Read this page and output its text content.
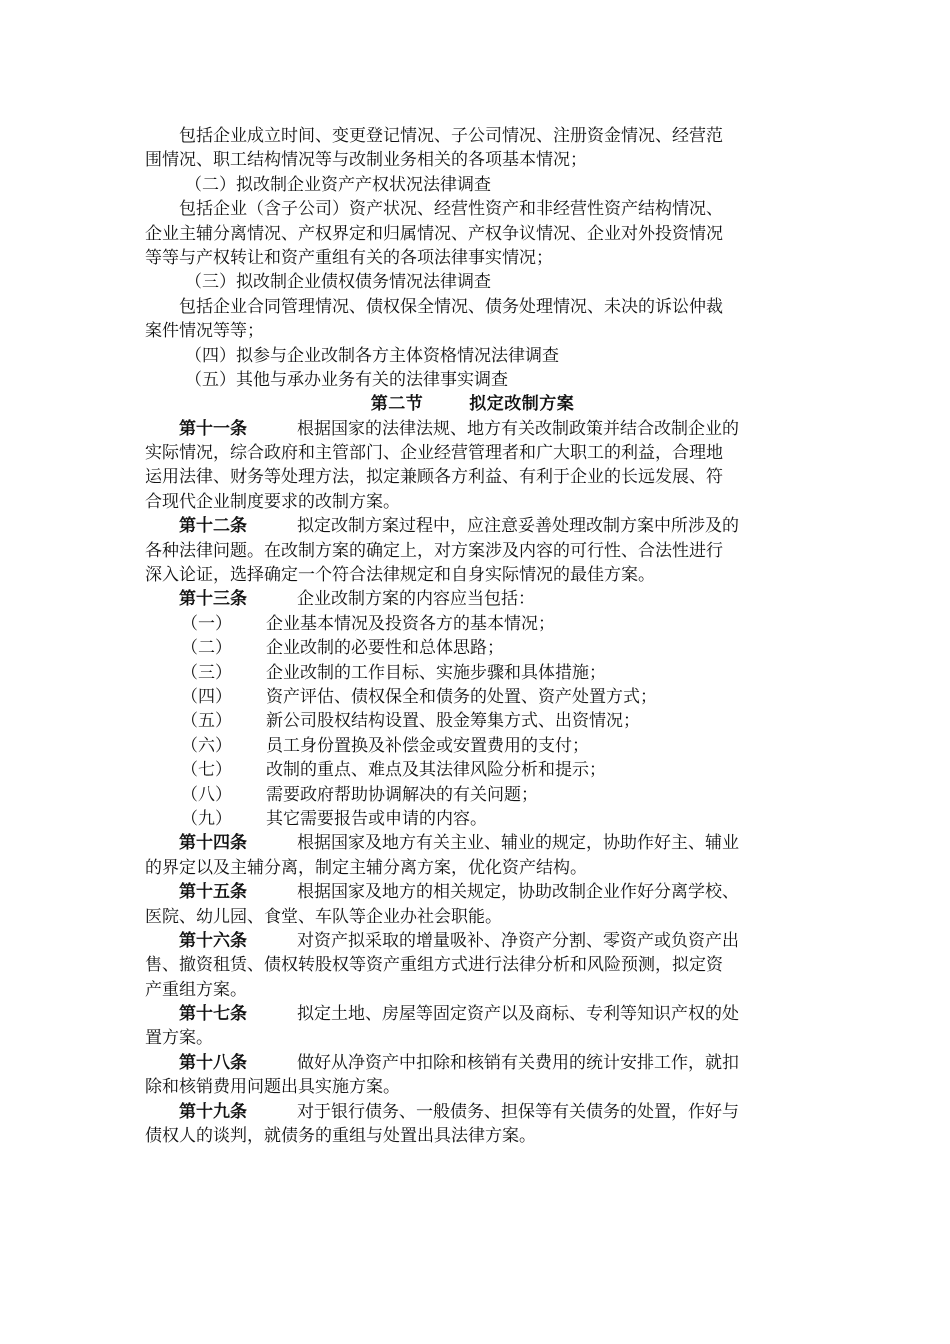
包括企业成立时间、变更登记情况、子公司情况、注册资金情况、经营范
围情况、职工结构情况等与改制业务相关的各项基本情况；
（二）拟改制企业资产产权状况法律调查
包括企业（含子公司）资产状况、经营性资产和非经营性资产结构情况、
企业主辅分离情况、产权界定和归属情况、产权争议情况、企业对外投资情况
等等与产权转让和资产重组有关的各项法律事实情况；
（三）拟改制企业债权债务情况法律调查
包括企业合同管理情况、债权保全情况、债务处理情况、未决的诉讼仲裁
案件情况等等；
（四）拟参与企业改制各方主体资格情况法律调查
（五）其他与承办业务有关的法律事实调查
第二节	拟定改制方案
第十一条	根据国家的法律法规、地方有关改制政策并结合改制企业的
实际情况，综合政府和主管部门、企业经营管理者和广大职工的利益，合理地
运用法律、财务等处理方法，拟定兼顾各方利益、有利于企业的长远发展、符
合现代企业制度要求的改制方案。
第十二条	拟定改制方案过程中，应注意妥善处理改制方案中所涉及的
各种法律问题。在改制方案的确定上，对方案涉及内容的可行性、合法性进行
深入论证，选择确定一个符合法律规定和自身实际情况的最佳方案。
第十三条	企业改制方案的内容应当包括：
（一） 企业基本情况及投资各方的基本情况；
（二） 企业改制的必要性和总体思路；
（三） 企业改制的工作目标、实施步骤和具体措施；
（四） 资产评估、债权保全和债务的处置、资产处置方式；
（五） 新公司股权结构设置、股金筹集方式、出资情况；
（六） 员工身份置换及补偿金或安置费用的支付；
（七） 改制的重点、难点及其法律风险分析和提示；
（八） 需要政府帮助协调解决的有关问题；
（九） 其它需要报告或申请的内容。
第十四条	根据国家及地方有关主业、辅业的规定，协助作好主、辅业
的界定以及主辅分离，制定主辅分离方案，优化资产结构。
第十五条	根据国家及地方的相关规定，协助改制企业作好分离学校、
医院、幼儿园、食堂、车队等企业办社会职能。
第十六条	对资产拟采取的增量吸补、净资产分割、零资产或负资产出
售、撤资租赁、债权转股权等资产重组方式进行法律分析和风险预测，拟定资
产重组方案。
第十七条	拟定土地、房屋等固定资产以及商标、专利等知识产权的处
置方案。
第十八条	做好从净资产中扣除和核销有关费用的统计安排工作，就扣
除和核销费用问题出具实施方案。
第十九条	对于银行债务、一般债务、担保等有关债务的处置，作好与
债权人的谈判，就债务的重组与处置出具法律方案。
